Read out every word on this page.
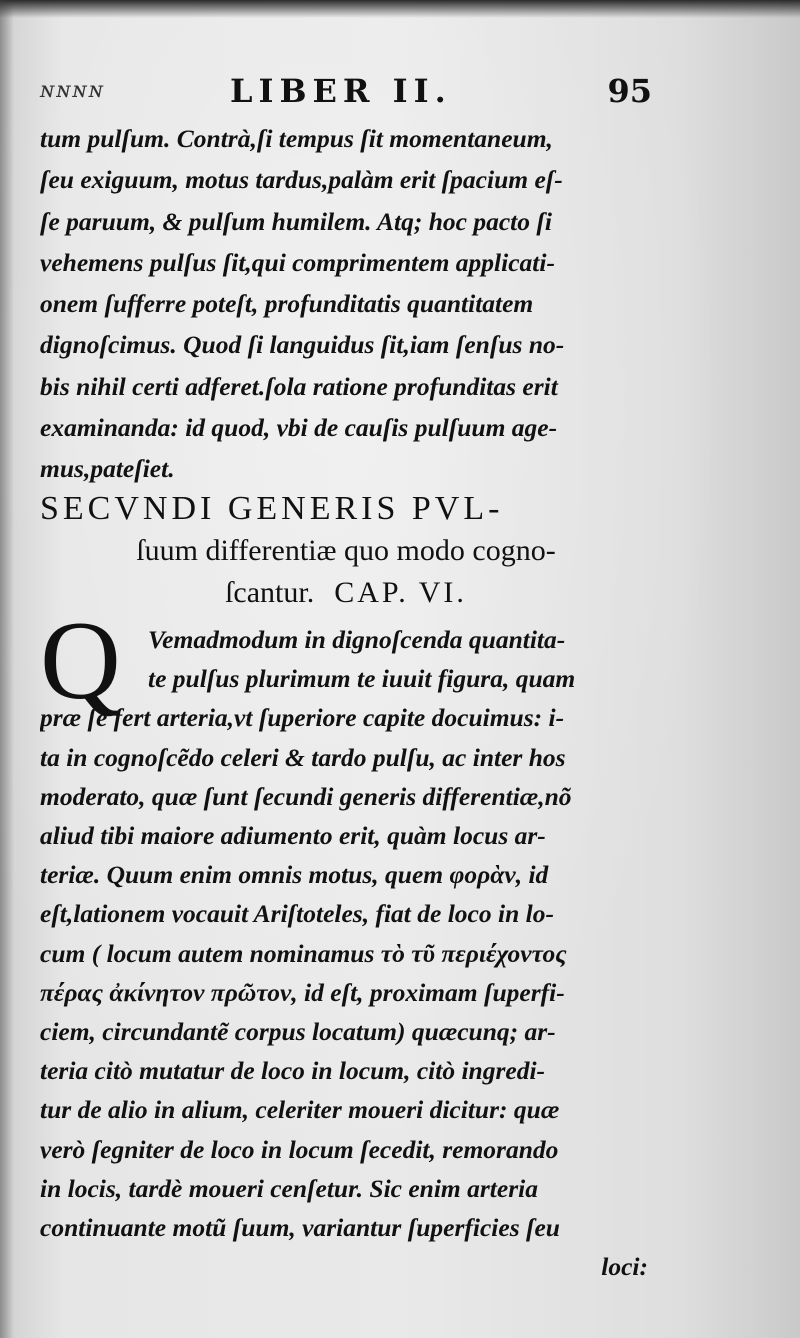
ɴɴɴɴ	LIBER II.	95
tum pulſum. Contrà,ſi tempus ſit momentaneum,
ſeu exiguum, motus tardus,palàm erit ſpacium eſ-
ſe paruum, & pulſum humilem. Atq; hoc pacto ſi
vehemens pulſus ſit,qui comprimentem applicati-
onem ſufferre poteſt, profunditatis quantitatem
dignoſcimus. Quod ſi languidus ſit,iam ſenſus no-
bis nihil certi adferet.ſola ratione profunditas erit
examinanda: id quod, vbi de cauſis pulſuum age-
mus,pateſiet.
SECVNDI GENERIS PVL-
ſuum differentiæ quo modo cogno-
ſcantur. CAP. VI.
Q	Vemadmodum in dignoſcenda quantita-
te pulſus plurimum te iuuit figura, quam
præ ſe fert arteria,vt ſuperiore capite docuimus: i-
ta in cognoſcẽdo celeri & tardo pulſu, ac inter hos
moderato, quæ ſunt ſecundi generis differentiæ,nõ
aliud tibi maiore adiumento erit, quàm locus ar-
teriæ. Quum enim omnis motus, quem φορὰν, id
eſt,lationem vocauit Ariſtoteles, fiat de loco in lo-
cum ( locum autem nominamus τὸ τῦ περιέχοντος
πέρας ἀκίνητον πρῶτον, id eſt, proximam ſuperfi-
ciem, circundantẽ corpus locatum) quæcunq; ar-
teria citò mutatur de loco in locum, citò ingredi-
tur de alio in alium, celeriter moueri dicitur: quæ
verò ſegniter de loco in locum ſecedit, remorando
in locis, tardè moueri cenſetur. Sic enim arteria
continuante motũ ſuum, variantur ſuperficies ſeu
loci:
